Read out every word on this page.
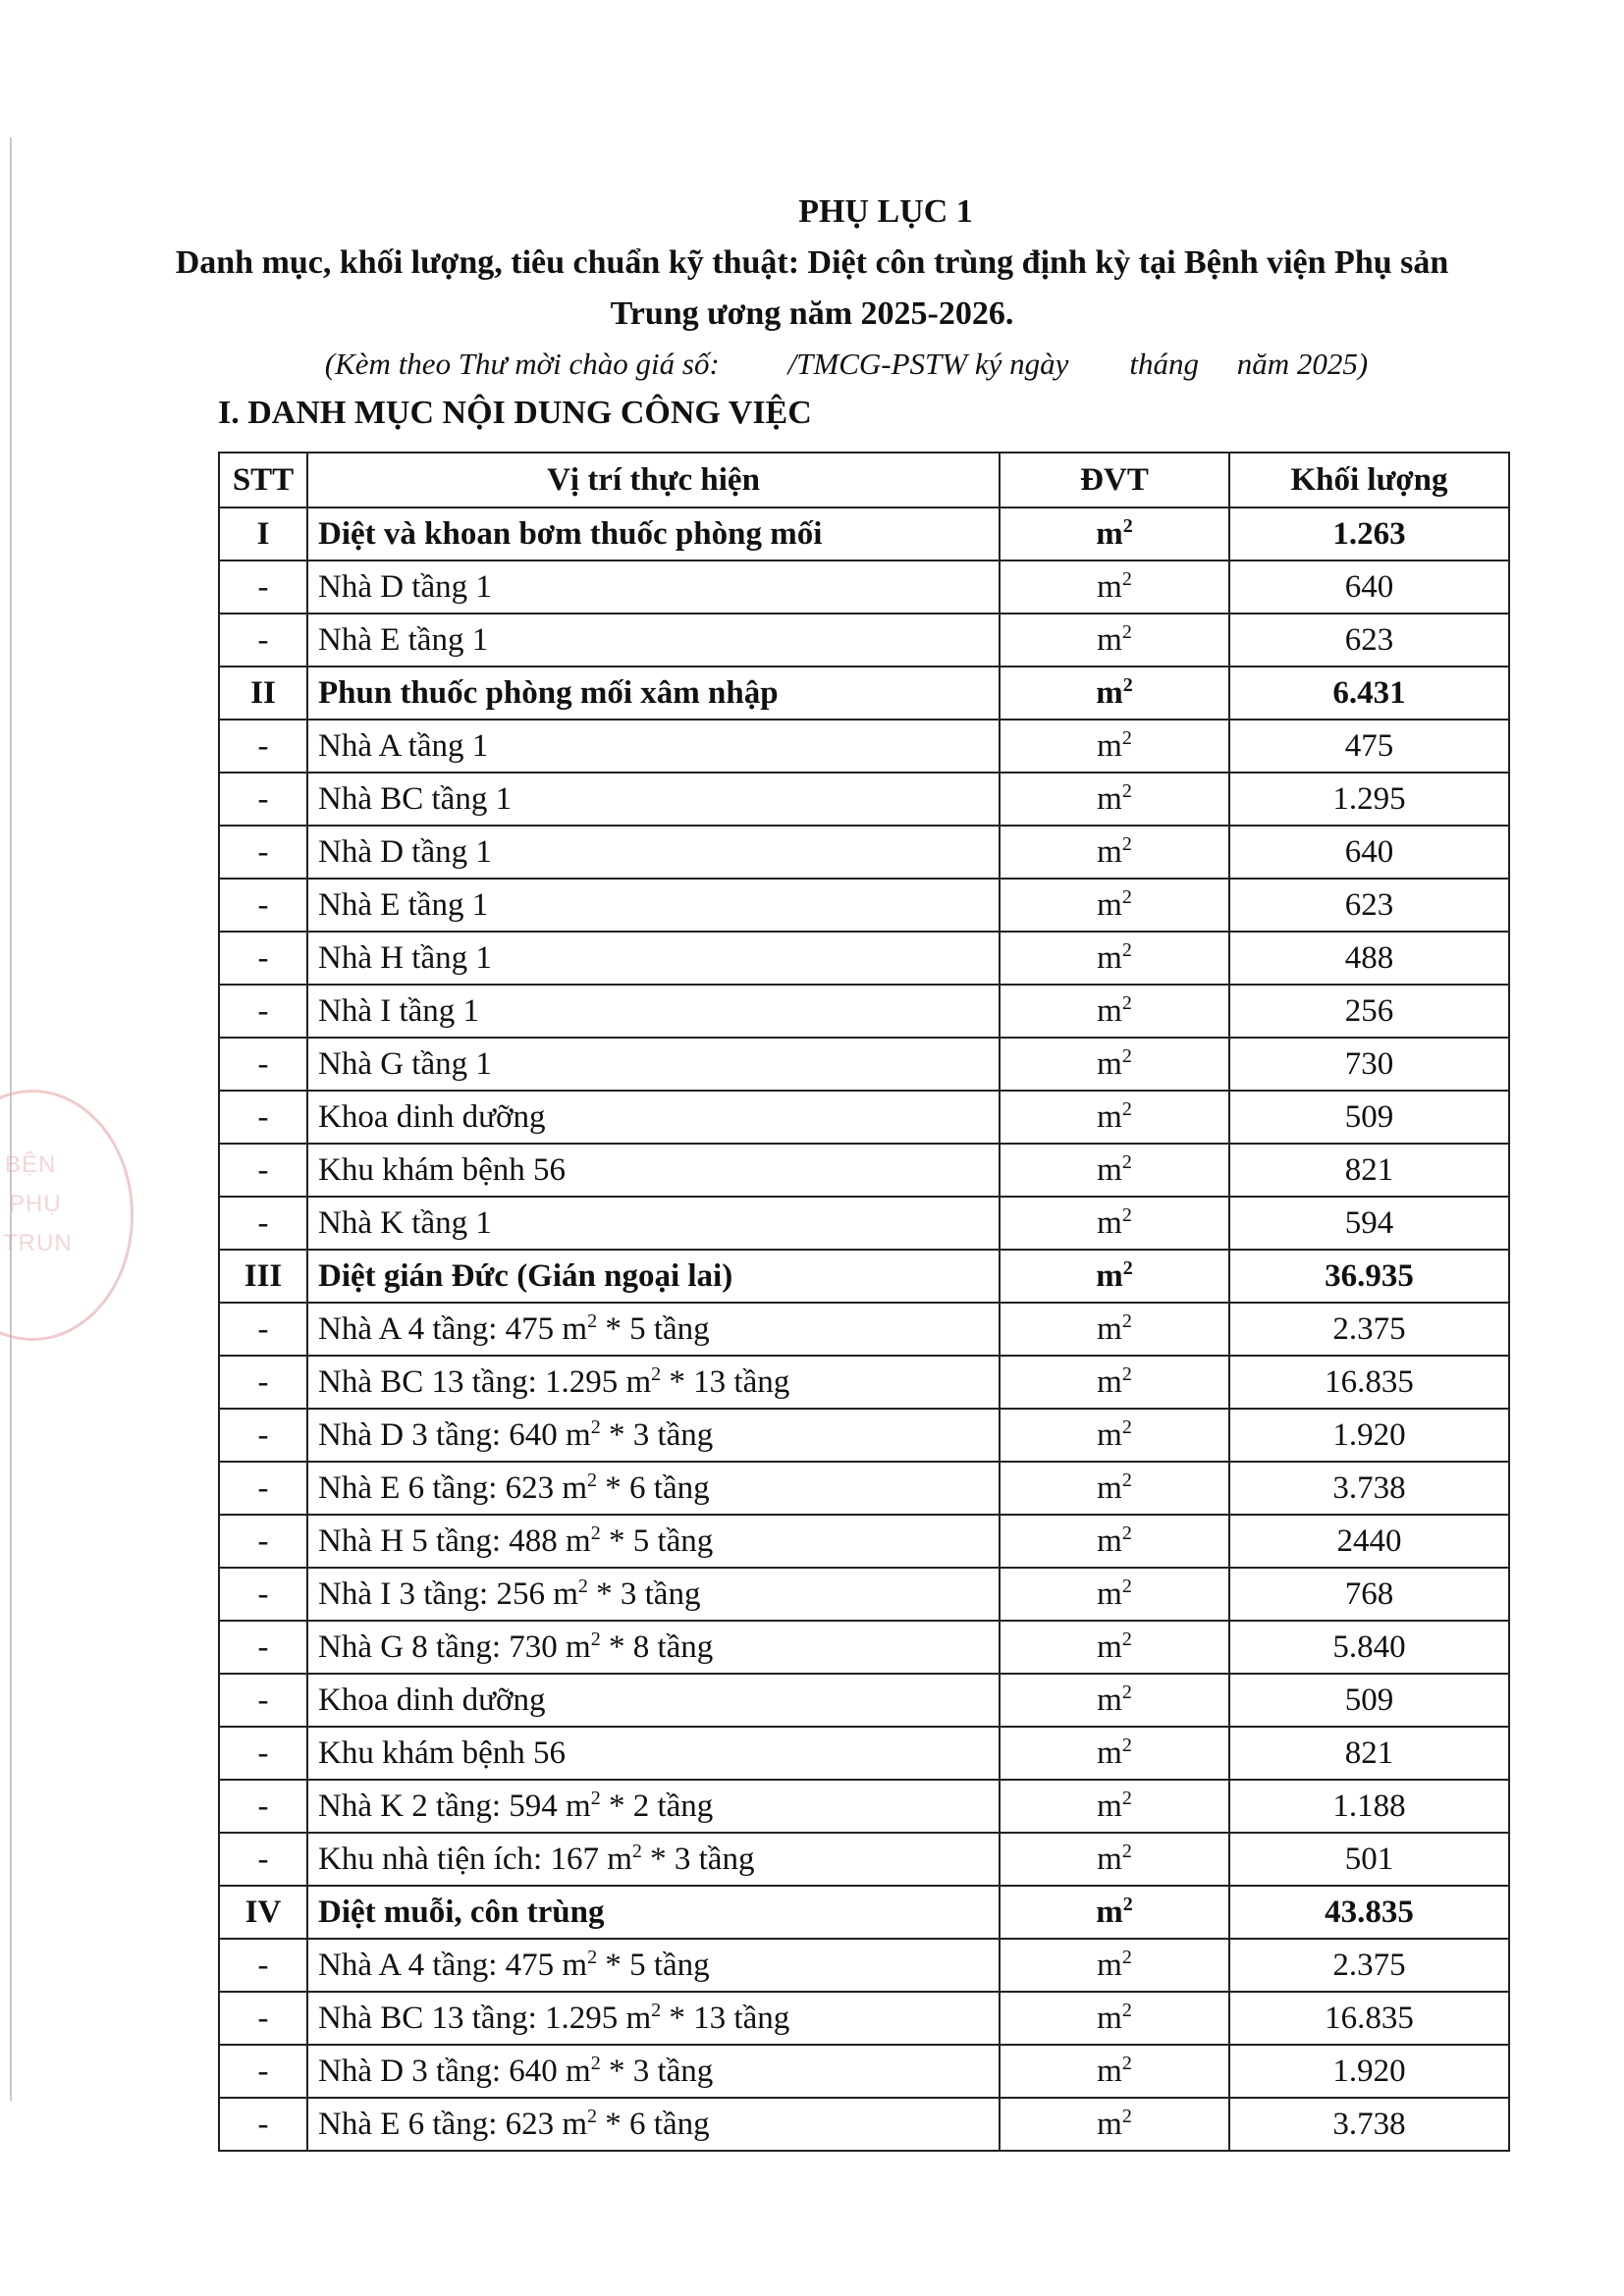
BỆN
PHỤ
TRUN
PHỤ LỤC 1
Danh mục, khối lượng, tiêu chuẩn kỹ thuật: Diệt côn trùng định kỳ tại Bệnh viện Phụ sản Trung ương năm 2025-2026.
(Kèm theo Thư mời chào giá số:         /TMCG-PSTW ký ngày        tháng     năm 2025)
I. DANH MỤC NỘI DUNG CÔNG VIỆC
STT	Vị trí thực hiện	ĐVT	Khối lượng
I	Diệt và khoan bơm thuốc phòng mối	$m^2$	1.263
-	Nhà D tầng 1	$m^2$	640
-	Nhà E tầng 1	$m^2$	623
II	Phun thuốc phòng mối xâm nhập	$m^2$	6.431
-	Nhà A tầng 1	$m^2$	475
-	Nhà BC tầng 1	$m^2$	1.295
-	Nhà D tầng 1	$m^2$	640
-	Nhà E tầng 1	$m^2$	623
-	Nhà H tầng 1	$m^2$	488
-	Nhà I tầng 1	$m^2$	256
-	Nhà G tầng 1	$m^2$	730
-	Khoa dinh dưỡng	$m^2$	509
-	Khu khám bệnh 56	$m^2$	821
-	Nhà K tầng 1	$m^2$	594
III	Diệt gián Đức (Gián ngoại lai)	$m^2$	36.935
-	Nhà A 4 tầng: 475 $m^2 * 5$ tầng	$m^2$	2.375
-	Nhà BC 13 tầng: 1.295 $m^2 * 13$ tầng	$m^2$	16.835
-	Nhà D 3 tầng: 640 $m^2 * 3$ tầng	$m^2$	1.920
-	Nhà E 6 tầng: 623 $m^2 * 6$ tầng	$m^2$	3.738
-	Nhà H 5 tầng: 488 $m^2 * 5$ tầng	$m^2$	2440
-	Nhà I 3 tầng: 256 $m^2 * 3$ tầng	$m^2$	768
-	Nhà G 8 tầng: 730 $m^2 * 8$ tầng	$m^2$	5.840
-	Khoa dinh dưỡng	$m^2$	509
-	Khu khám bệnh 56	$m^2$	821
-	Nhà K 2 tầng: 594 $m^2 * 2$ tầng	$m^2$	1.188
-	Khu nhà tiện ích: 167 $m^2 * 3$ tầng	$m^2$	501
IV	Diệt muỗi, côn trùng	$m^2$	43.835
-	Nhà A 4 tầng: 475 $m^2 * 5$ tầng	$m^2$	2.375
-	Nhà BC 13 tầng: 1.295 $m^2 * 13$ tầng	$m^2$	16.835
-	Nhà D 3 tầng: 640 $m^2 * 3$ tầng	$m^2$	1.920
-	Nhà E 6 tầng: 623 $m^2 * 6$ tầng	$m^2$	3.738
